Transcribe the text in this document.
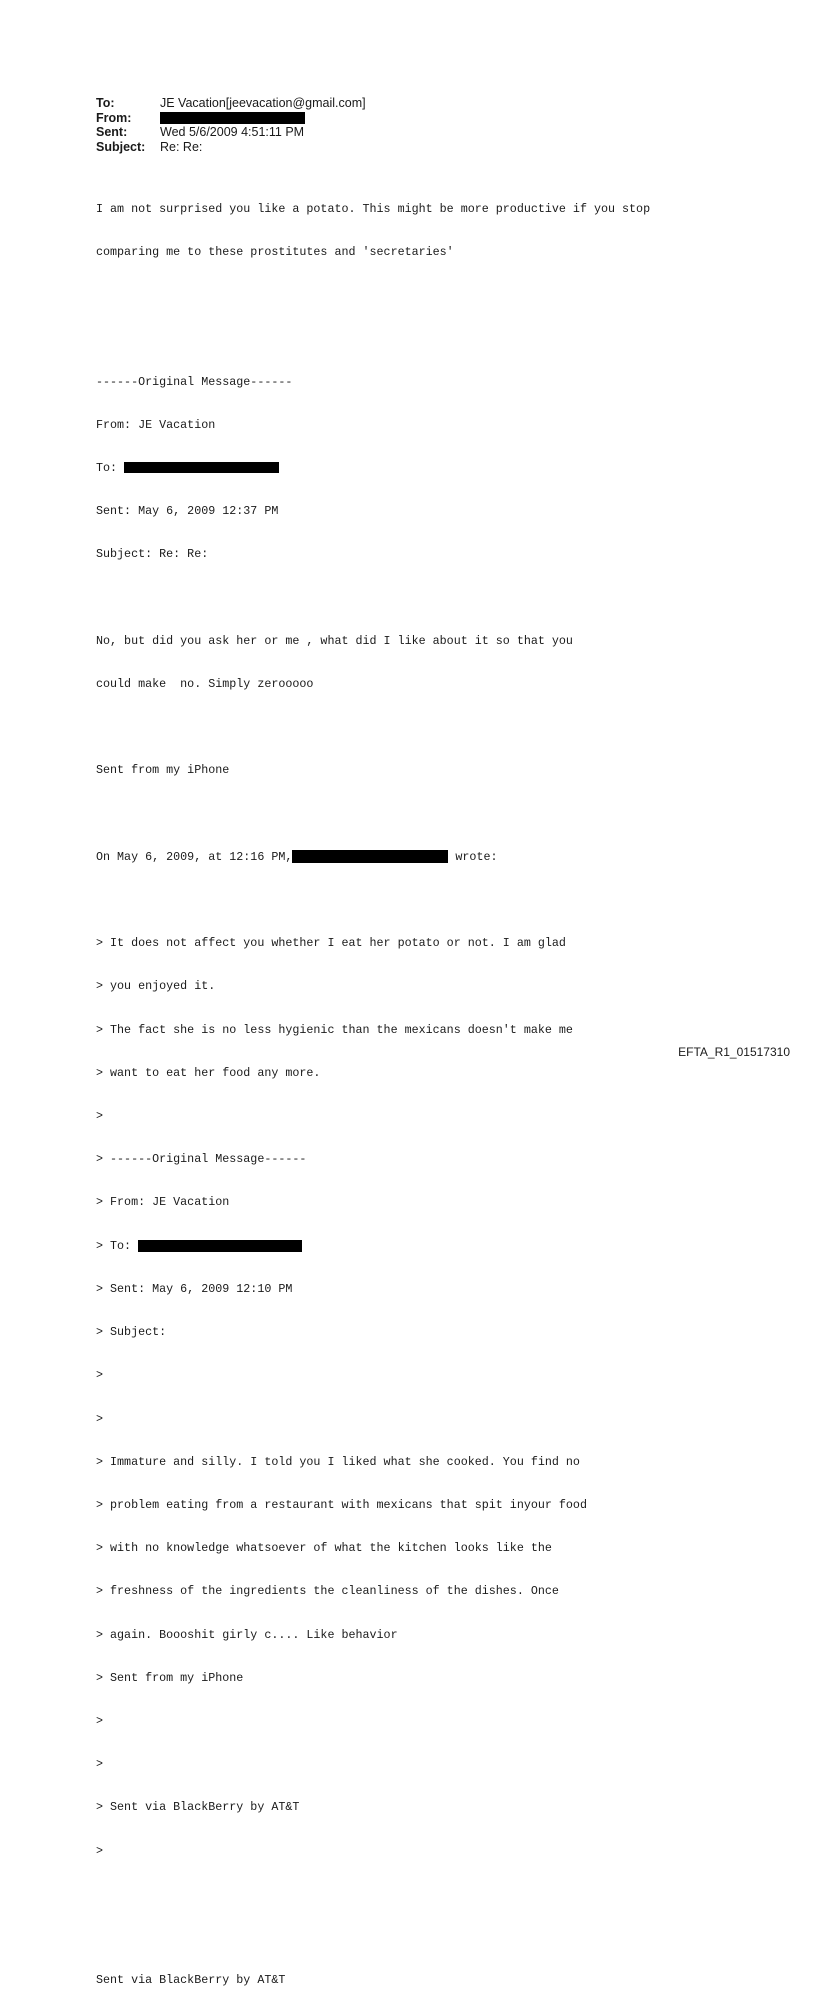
To:	JE Vacation[jeevacation@gmail.com]
From:
Sent:	Wed 5/6/2009 4:51:11 PM
Subject:	Re: Re:

I am not surprised you like a potato. This might be more productive if you stop

comparing me to these prostitutes and 'secretaries'

------Original Message------

From: JE Vacation

To:

Sent: May 6, 2009 12:37 PM

Subject: Re: Re:

No, but did you ask her or me , what did I like about it so that you

could make  no. Simply zerooooo

Sent from my iPhone

On May 6, 2009, at 12:16 PM,	wrote:

> It does not affect you whether I eat her potato or not. I am glad

> you enjoyed it.

> The fact she is no less hygienic than the mexicans doesn't make me

> want to eat her food any more.

>

> ------Original Message------

> From: JE Vacation

> To:

> Sent: May 6, 2009 12:10 PM

> Subject:

>

>

> Immature and silly. I told you I liked what she cooked. You find no

> problem eating from a restaurant with mexicans that spit inyour food

> with no knowledge whatsoever of what the kitchen looks like the

> freshness of the ingredients the cleanliness of the dishes. Once

> again. Boooshit girly c.... Like behavior

> Sent from my iPhone

>

>

> Sent via BlackBerry by AT&T

>

Sent via BlackBerry by AT&T

EFTA_R1_01517310
